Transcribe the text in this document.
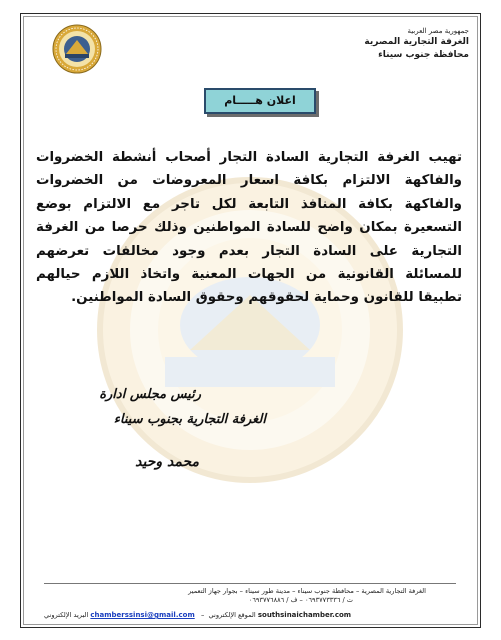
جمهورية مصر العربية
الغرفة التجارية المصرية
محافظة جنوب سيناء
اعلان هـــــام
تهيب الغرفة التجارية السادة التجار أصحاب أنشطة الخضروات والفاكهة الالتزام بكافة اسعار المعروضات من الخضروات والفاكهة بكافة المنافذ التابعة لكل تاجر مع الالتزام بوضع التسعيرة بمكان واضح للسادة المواطنين وذلك حرصا من الغرفة التجارية على السادة التجار بعدم وجود مخالفات تعرضهم للمسائلة القانونية من الجهات المعنية واتخاذ اللازم حيالهم تطبيقا للقانون وحماية لحقوقهم وحقوق السادة المواطنين.
رئيس مجلس ادارة
الغرفة التجارية بجنوب سيناء
محمد وحيد
الغرفة التجارية المصرية – محافظة جنوب سيناء – مدينة طور سيناء – بجوار جهاز التعمير
ت / ٠٦٩٣٧٧٣٣٣٦ – ف / ٠٦٩٣٧٧٦٨٨٦
southsinaichamber.com الموقع الإلكتروني  –   chamberssinsi@gmail.com البريد الإلكتروني
